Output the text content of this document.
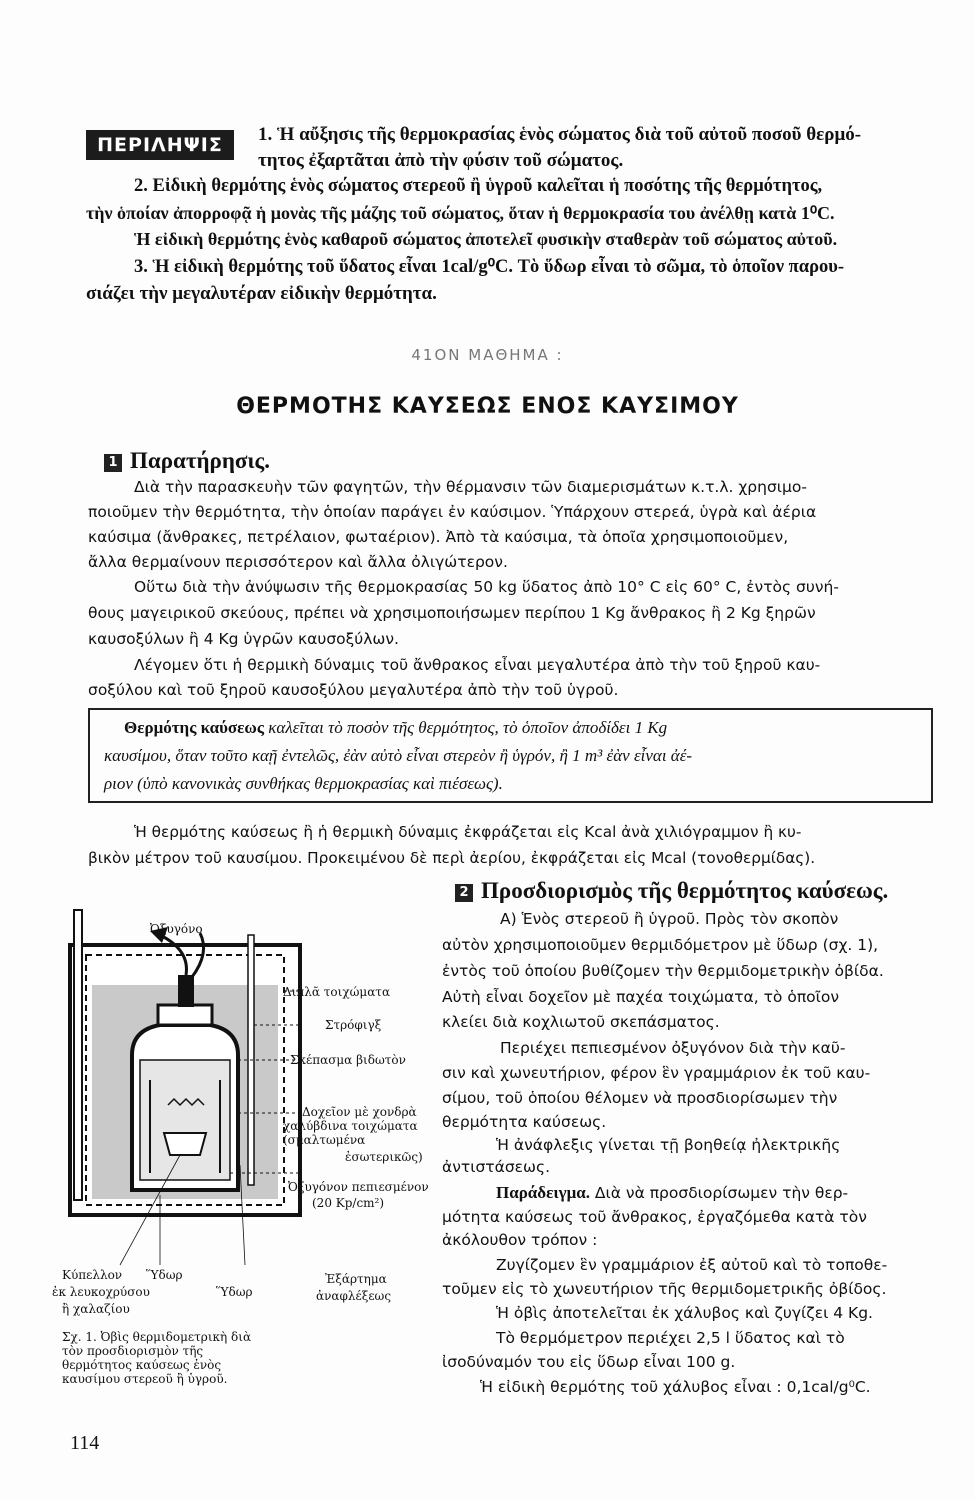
ΠΕΡΙΛΗΨΙΣ	1. Ἡ αὔξησις τῆς θερμοκρασίας ἑνὸς σώματος διὰ τοῦ αὐτοῦ ποσοῦ θερμό-
τητος ἐξαρτᾶται ἀπὸ τὴν φύσιν τοῦ σώματος.
2. Εἰδικὴ θερμότης ἑνὸς σώματος στερεοῦ ἢ ὑγροῦ καλεῖται ἡ ποσότης τῆς θερμότητος,
τὴν ὁποίαν ἀπορροφᾷ ἡ μονὰς τῆς μάζης τοῦ σώματος, ὅταν ἡ θερμοκρασία του ἀνέλθῃ κατὰ 1⁰C.
Ἡ εἰδικὴ θερμότης ἑνὸς καθαροῦ σώματος ἀποτελεῖ φυσικὴν σταθερὰν τοῦ σώματος αὐτοῦ.
3. Ἡ εἰδικὴ θερμότης τοῦ ὕδατος εἶναι 1cal/g⁰C. Τὸ ὕδωρ εἶναι τὸ σῶμα, τὸ ὁποῖον παρου-
σιάζει τὴν μεγαλυτέραν εἰδικὴν θερμότητα.
41ΟΝ ΜΑΘΗΜΑ :
ΘΕΡΜΟΤΗΣ ΚΑΥΣΕΩΣ ΕΝΟΣ ΚΑΥΣΙΜΟΥ
1 Παρατήρησις.
Διὰ τὴν παρασκευὴν τῶν φαγητῶν, τὴν θέρμανσιν τῶν διαμερισμάτων κ.τ.λ. χρησιμο-
ποιοῦμεν τὴν θερμότητα, τὴν ὁποίαν παράγει ἐν καύσιμον. Ὑπάρχουν στερεά, ὑγρὰ καὶ ἀέρια
καύσιμα (ἄνθρακες, πετρέλαιον, φωταέριον). Ἀπὸ τὰ καύσιμα, τὰ ὁποῖα χρησιμοποιοῦμεν,
ἄλλα θερμαίνουν περισσότερον καὶ ἄλλα ὀλιγώτερον.
Οὕτω διὰ τὴν ἀνύψωσιν τῆς θερμοκρασίας 50 kg ὕδατος ἀπὸ 10° C εἰς 60° C, ἐντὸς συνή-
θους μαγειρικοῦ σκεύους, πρέπει νὰ χρησιμοποιήσωμεν περίπου 1 Kg ἄνθρακος ἢ 2 Kg ξηρῶν
καυσοξύλων ἢ 4 Kg ὑγρῶν καυσοξύλων.
Λέγομεν ὅτι ἡ θερμικὴ δύναμις τοῦ ἄνθρακος εἶναι μεγαλυτέρα ἀπὸ τὴν τοῦ ξηροῦ καυ-
σοξύλου καὶ τοῦ ξηροῦ καυσοξύλου μεγαλυτέρα ἀπὸ τὴν τοῦ ὑγροῦ.
Θερμότης καύσεως καλεῖται τὸ ποσὸν τῆς θερμότητος, τὸ ὁποῖον ἀποδίδει 1 Kg
καυσίμου, ὅταν τοῦτο καῇ ἐντελῶς, ἐὰν αὐτὸ εἶναι στερεὸν ἢ ὑγρόν, ἢ 1 m³ ἐὰν εἶναι ἀέ-
ριον (ὑπὸ κανονικὰς συνθήκας θερμοκρασίας καὶ πιέσεως).
Ἡ θερμότης καύσεως ἢ ἡ θερμικὴ δύναμις ἐκφράζεται εἰς Kcal ἀνὰ χιλιόγραμμον ἢ κυ-
βικὸν μέτρον τοῦ καυσίμου. Προκειμένου δὲ περὶ ἀερίου, ἐκφράζεται εἰς Mcal (τονοθερμίδας).
2 Προσδιορισμὸς τῆς θερμότητος καύσεως.
Α) Ἑνὸς στερεοῦ ἢ ὑγροῦ. Πρὸς τὸν σκοπὸν
αὐτὸν χρησιμοποιοῦμεν θερμιδόμετρον μὲ ὕδωρ (σχ. 1),
ἐντὸς τοῦ ὁποίου βυθίζομεν τὴν θερμιδομετρικὴν ὀβίδα.
Αὐτὴ εἶναι δοχεῖον μὲ παχέα τοιχώματα, τὸ ὁποῖον
κλείει διὰ κοχλιωτοῦ σκεπάσματος.
Περιέχει πεπιεσμένον ὀξυγόνον διὰ τὴν καῦ-
σιν καὶ χωνευτήριον, φέρον ἓν γραμμάριον ἐκ τοῦ καυ-
σίμου, τοῦ ὁποίου θέλομεν νὰ προσδιορίσωμεν τὴν
θερμότητα καύσεως.
Ἡ ἀνάφλεξις γίνεται τῇ βοηθείᾳ ἠλεκτρικῆς
ἀντιστάσεως.
Παράδειγμα. Διὰ νὰ προσδιορίσωμεν τὴν θερ-
μότητα καύσεως τοῦ ἄνθρακος, ἐργαζόμεθα κατὰ τὸν
ἀκόλουθον τρόπον :
Ζυγίζομεν ἓν γραμμάριον ἐξ αὐτοῦ καὶ τὸ τοποθε-
τοῦμεν εἰς τὸ χωνευτήριον τῆς θερμιδομετρικῆς ὀβίδος.
Ἡ ὀβὶς ἀποτελεῖται ἐκ χάλυβος καὶ ζυγίζει 4 Kg.
Τὸ θερμόμετρον περιέχει 2,5 l ὕδατος καὶ τὸ
ἰσοδύναμόν του εἰς ὕδωρ εἶναι 100 g.
Ἡ εἰδικὴ θερμότης τοῦ χάλυβος εἶναι : 0,1cal/g⁰C.
Ὀξυγόνο
Διπλᾶ τοιχώματα
Στρόφιγξ
Σκέπασμα βιδωτὸν
Δοχεῖον μὲ χονδρὰ
χαλύβδινα τοιχώματα
(σμαλτωμένα
ἐσωτερικῶς)
Ὀξυγόνον πεπιεσμένον
(20 Kp/cm²)
Κύπελλον
ἐκ λευκοχρύσου
ἢ χαλαζίου
Ὕδωρ
Ὕδωρ
Ἐξάρτημα
ἀναφλέξεως
Σχ. 1. Ὀβὶς θερμιδομετρικὴ διὰ τὸν προσδιορισμὸν τῆς θερμότητος καύσεως ἑνὸς καυσίμου στερεοῦ ἢ ὑγροῦ.
114
